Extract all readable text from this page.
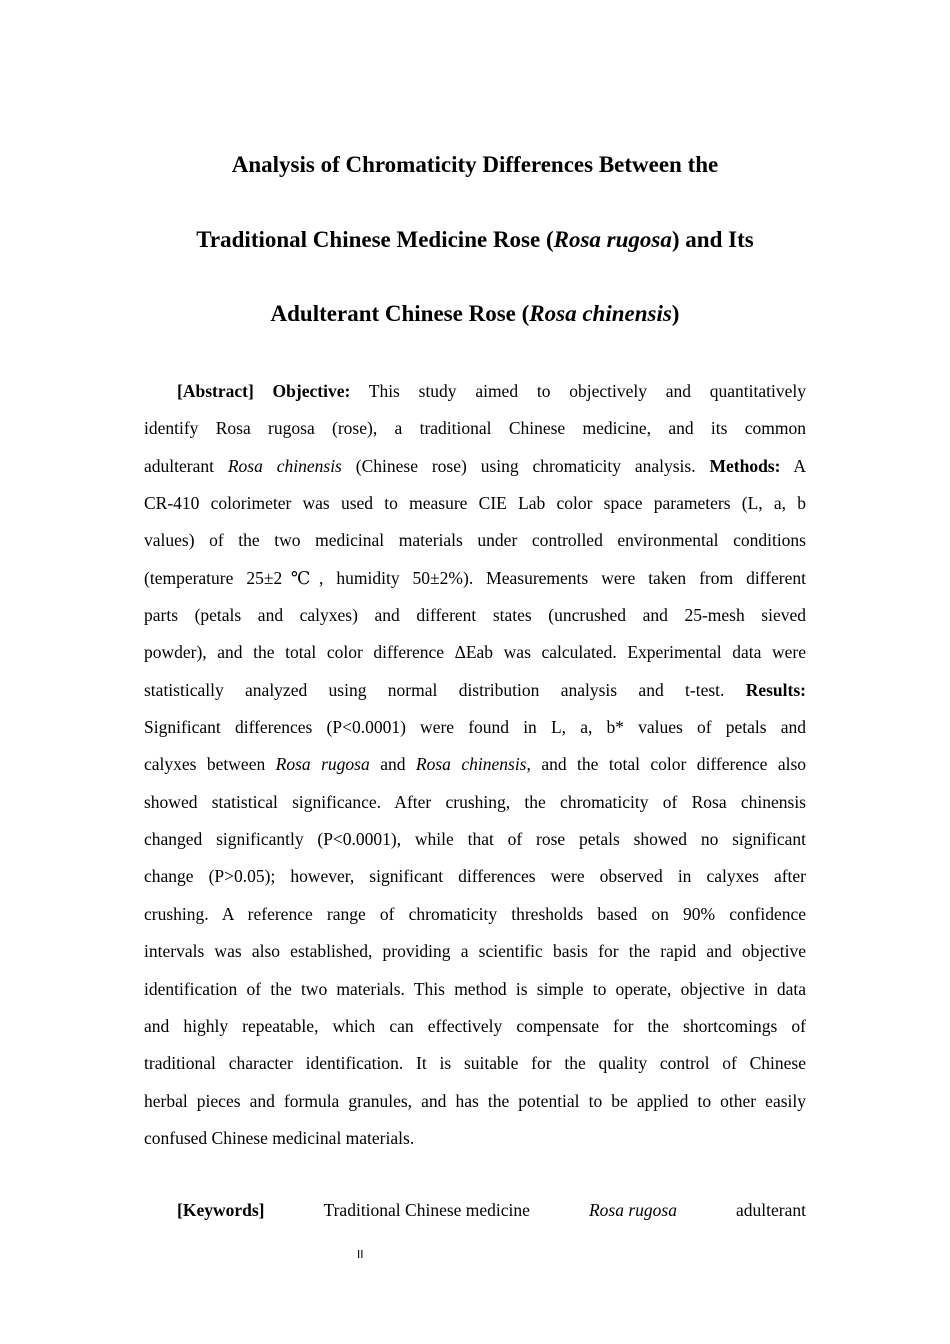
Analysis of Chromaticity Differences Between the
Traditional Chinese Medicine Rose (Rosa rugosa) and Its
Adulterant Chinese Rose (Rosa chinensis)
[Abstract] Objective: This study aimed to objectively and quantitatively
identify Rosa rugosa (rose), a traditional Chinese medicine, and its common
adulterant Rosa chinensis (Chinese rose) using chromaticity analysis. Methods: A
CR-410 colorimeter was used to measure CIE Lab color space parameters (L, a, b
values) of the two medicinal materials under controlled environmental conditions
(temperature 25±2℃, humidity 50±2%). Measurements were taken from different
parts (petals and calyxes) and different states (uncrushed and 25-mesh sieved
powder), and the total color difference ΔEab was calculated. Experimental data were
statistically analyzed using normal distribution analysis and t-test. Results:
Significant differences (P<0.0001) were found in L, a, b* values of petals and
calyxes between Rosa rugosa and Rosa chinensis, and the total color difference also
showed statistical significance. After crushing, the chromaticity of Rosa chinensis
changed significantly (P<0.0001), while that of rose petals showed no significant
change (P>0.05); however, significant differences were observed in calyxes after
crushing. A reference range of chromaticity thresholds based on 90% confidence
intervals was also established, providing a scientific basis for the rapid and objective
identification of the two materials. This method is simple to operate, objective in data
and highly repeatable, which can effectively compensate for the shortcomings of
traditional character identification. It is suitable for the quality control of Chinese
herbal pieces and formula granules, and has the potential to be applied to other easily
confused Chinese medicinal materials.
[Keywords]	Traditional Chinese medicine	Rosa rugosa	adulterant
II
